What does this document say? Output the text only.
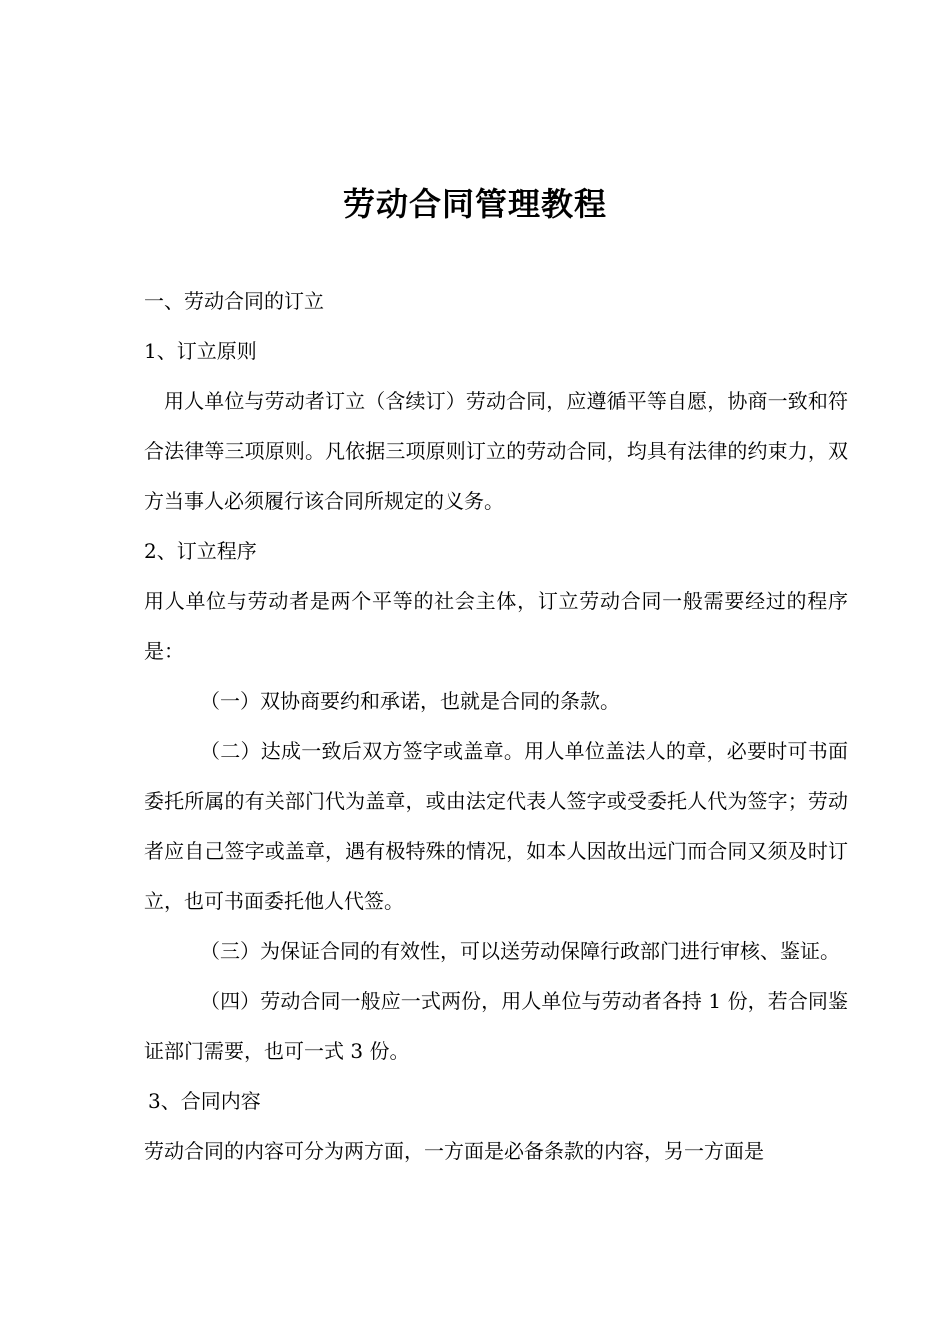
劳动合同管理教程

一、劳动合同的订立

1、订立原则

用人单位与劳动者订立（含续订）劳动合同，应遵循平等自愿，协商一致和符合法律等三项原则。凡依据三项原则订立的劳动合同，均具有法律的约束力，双方当事人必须履行该合同所规定的义务。

2、订立程序

用人单位与劳动者是两个平等的社会主体，订立劳动合同一般需要经过的程序是：

（一）双协商要约和承诺，也就是合同的条款。

（二）达成一致后双方签字或盖章。用人单位盖法人的章，必要时可书面委托所属的有关部门代为盖章，或由法定代表人签字或受委托人代为签字；劳动者应自己签字或盖章，遇有极特殊的情况，如本人因故出远门而合同又须及时订立，也可书面委托他人代签。

（三）为保证合同的有效性，可以送劳动保障行政部门进行审核、鉴证。

（四）劳动合同一般应一式两份，用人单位与劳动者各持 1 份，若合同鉴证部门需要，也可一式 3 份。

3、合同内容

劳动合同的内容可分为两方面，一方面是必备条款的内容，另一方面是
